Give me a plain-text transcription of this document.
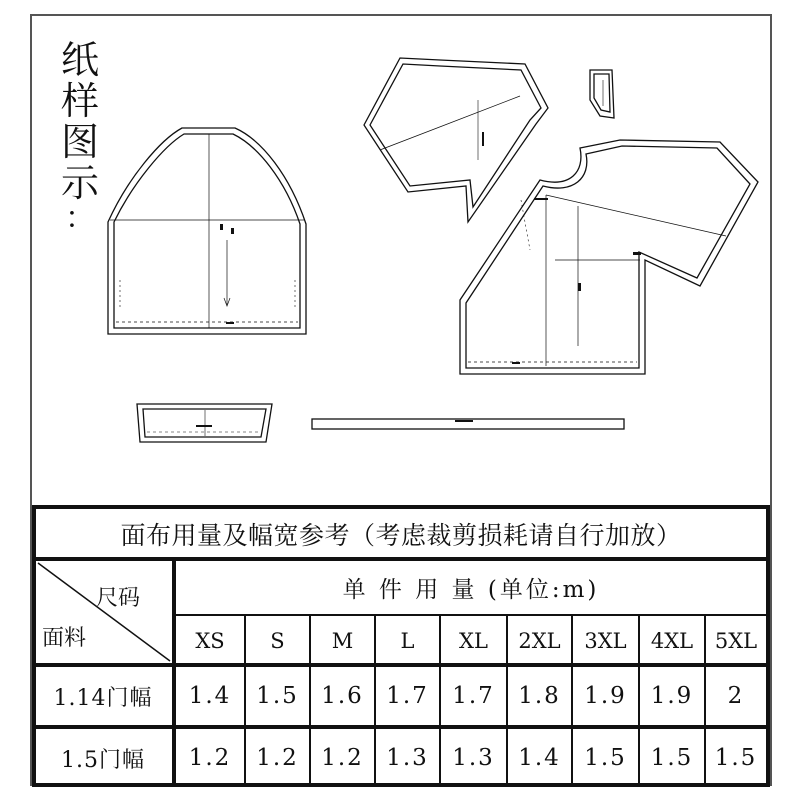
纸
样
图
示
：
面布用量及幅宽参考（考虑裁剪损耗请自行加放）
尺码
面料
单 件 用 量 (单位:m)
XS	S	M	L	XL	2XL	3XL	4XL	5XL
1.14门幅	1.4	1.5 1.6 1.7	1.7	1.8	1.9	1.9	2
1.5门幅	1.2	1.2 1.2 1.3	1.3	1.4	1.5	1.5 1.5
